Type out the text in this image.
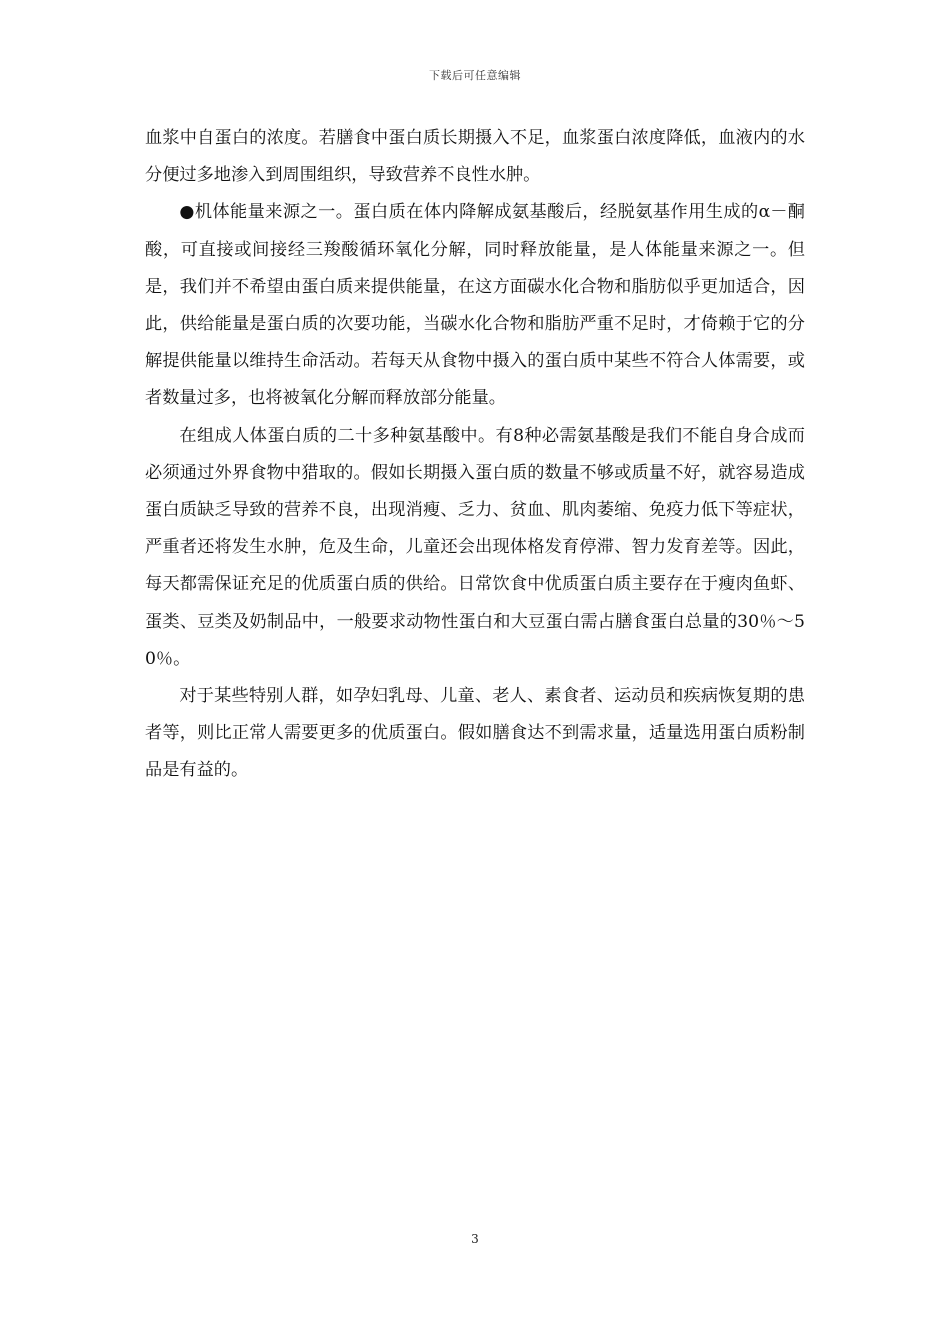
下载后可任意编辑

血浆中自蛋白的浓度。若膳食中蛋白质长期摄入不足，血浆蛋白浓度降低，血液内的水分便过多地渗入到周围组织，导致营养不良性水肿。

●机体能量来源之一。蛋白质在体内降解成氨基酸后，经脱氨基作用生成的α－酮酸，可直接或间接经三羧酸循环氧化分解，同时释放能量，是人体能量来源之一。但是，我们并不希望由蛋白质来提供能量，在这方面碳水化合物和脂肪似乎更加适合，因此，供给能量是蛋白质的次要功能，当碳水化合物和脂肪严重不足时，才倚赖于它的分解提供能量以维持生命活动。若每天从食物中摄入的蛋白质中某些不符合人体需要，或者数量过多，也将被氧化分解而释放部分能量。

在组成人体蛋白质的二十多种氨基酸中。有8种必需氨基酸是我们不能自身合成而必须通过外界食物中猎取的。假如长期摄入蛋白质的数量不够或质量不好，就容易造成蛋白质缺乏导致的营养不良，出现消瘦、乏力、贫血、肌肉萎缩、免疫力低下等症状，严重者还将发生水肿，危及生命，儿童还会出现体格发育停滞、智力发育差等。因此，每天都需保证充足的优质蛋白质的供给。日常饮食中优质蛋白质主要存在于瘦肉鱼虾、蛋类、豆类及奶制品中，一般要求动物性蛋白和大豆蛋白需占膳食蛋白总量的30％～50％。

对于某些特别人群，如孕妇乳母、儿童、老人、素食者、运动员和疾病恢复期的患者等，则比正常人需要更多的优质蛋白。假如膳食达不到需求量，适量选用蛋白质粉制品是有益的。

3
